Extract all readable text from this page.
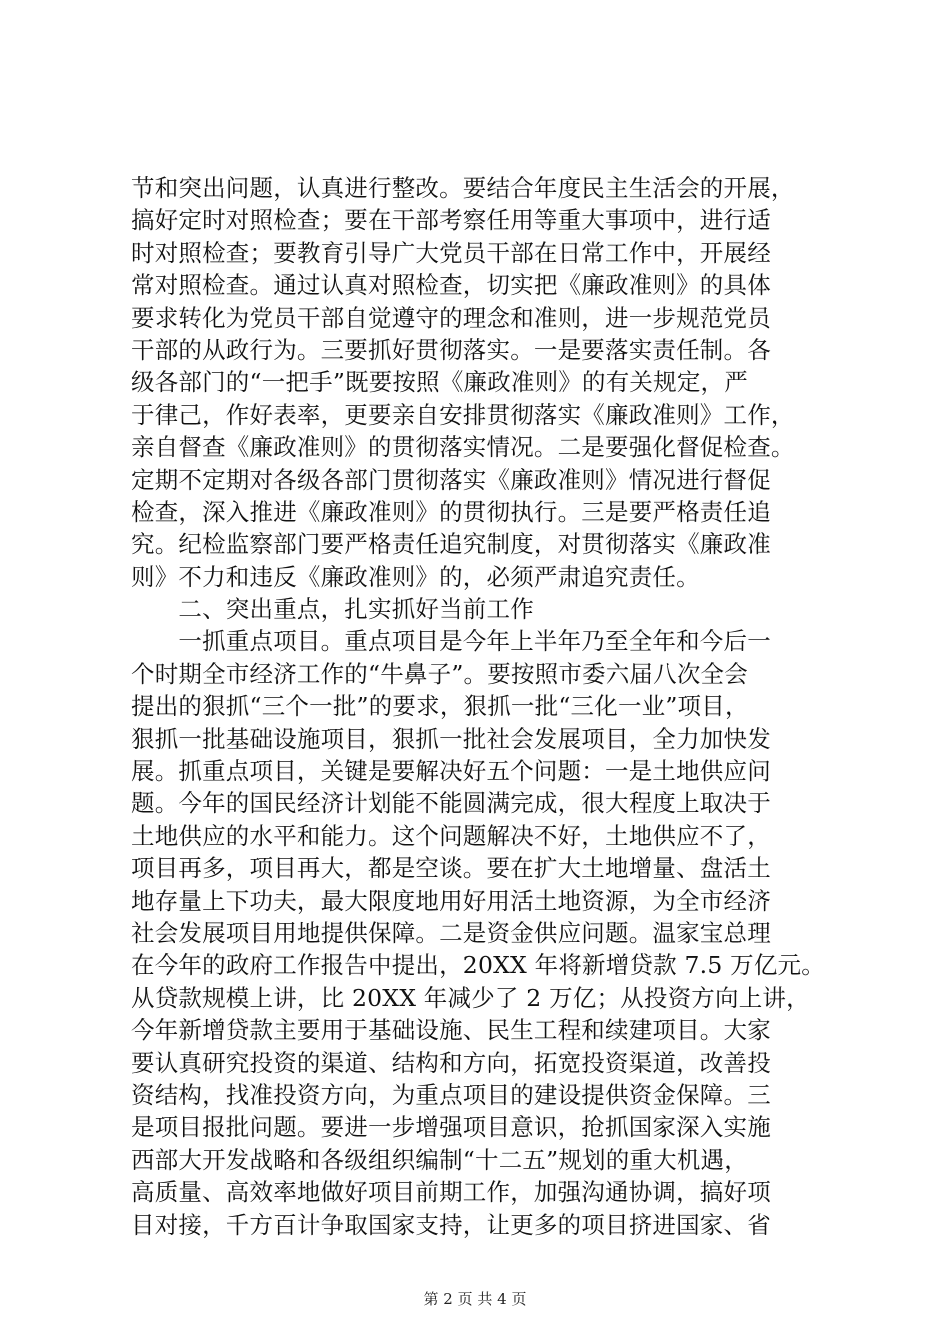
节和突出问题，认真进行整改。要结合年度民主生活会的开展，
搞好定时对照检查；要在干部考察任用等重大事项中，进行适
时对照检查；要教育引导广大党员干部在日常工作中，开展经
常对照检查。通过认真对照检查，切实把《廉政准则》的具体
要求转化为党员干部自觉遵守的理念和准则，进一步规范党员
干部的从政行为。三要抓好贯彻落实。一是要落实责任制。各
级各部门的“一把手”既要按照《廉政准则》的有关规定，严
于律己，作好表率，更要亲自安排贯彻落实《廉政准则》工作，
亲自督查《廉政准则》的贯彻落实情况。二是要强化督促检查。
定期不定期对各级各部门贯彻落实《廉政准则》情况进行督促
检查，深入推进《廉政准则》的贯彻执行。三是要严格责任追
究。纪检监察部门要严格责任追究制度，对贯彻落实《廉政准
则》不力和违反《廉政准则》的，必须严肃追究责任。
　　二、突出重点，扎实抓好当前工作
　　一抓重点项目。重点项目是今年上半年乃至全年和今后一
个时期全市经济工作的“牛鼻子”。要按照市委六届八次全会
提出的狠抓“三个一批”的要求，狠抓一批“三化一业”项目，
狠抓一批基础设施项目，狠抓一批社会发展项目，全力加快发
展。抓重点项目，关键是要解决好五个问题：一是土地供应问
题。今年的国民经济计划能不能圆满完成，很大程度上取决于
土地供应的水平和能力。这个问题解决不好，土地供应不了，
项目再多，项目再大，都是空谈。要在扩大土地增量、盘活土
地存量上下功夫，最大限度地用好用活土地资源，为全市经济
社会发展项目用地提供保障。二是资金供应问题。温家宝总理
在今年的政府工作报告中提出，20XX 年将新增贷款 7.5 万亿元。
从贷款规模上讲，比 20XX 年减少了 2 万亿；从投资方向上讲，
今年新增贷款主要用于基础设施、民生工程和续建项目。大家
要认真研究投资的渠道、结构和方向，拓宽投资渠道，改善投
资结构，找准投资方向，为重点项目的建设提供资金保障。三
是项目报批问题。要进一步增强项目意识，抢抓国家深入实施
西部大开发战略和各级组织编制“十二五”规划的重大机遇，
高质量、高效率地做好项目前期工作，加强沟通协调，搞好项
目对接，千方百计争取国家支持，让更多的项目挤进国家、省
第 2 页 共 4 页
